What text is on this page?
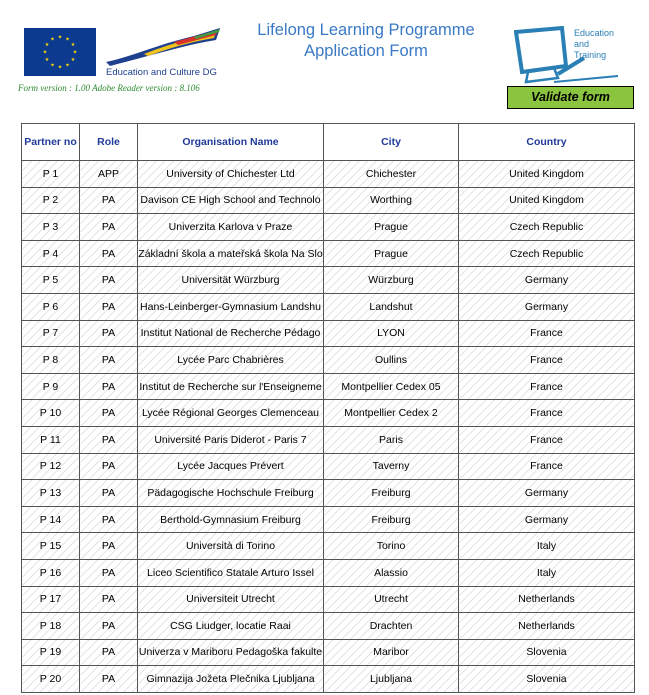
★ ★
★
★
★
★
★
★
★
★
★
★
Education and Culture DG
Form version : 1.00 Adobe Reader version : 8.106
Lifelong Learning Programme
Application Form
Education
and
Training
Validate form
Partner no	Role	Organisation Name	City	Country
P 1	APP	University of Chichester Ltd	Chichester	United Kingdom
P 2	PA	Davison CE High School and Technolo	Worthing	United Kingdom
P 3	PA	Univerzita Karlova v Praze	Prague	Czech Republic
P 4	PA	Základní škola a mateřská škola Na Slo	Prague	Czech Republic
P 5	PA	Universität Würzburg	Würzburg	Germany
P 6	PA	Hans-Leinberger-Gymnasium Landshu	Landshut	Germany
P 7	PA	Institut National de Recherche Pédago	LYON	France
P 8	PA	Lycée Parc Chabrières	Oullins	France
P 9	PA	Institut de Recherche sur l'Enseigneme	Montpellier Cedex 05	France
P 10	PA	Lycée Régional Georges Clemenceau	Montpellier Cedex 2	France
P 11	PA	Université Paris Diderot - Paris 7	Paris	France
P 12	PA	Lycée Jacques Prévert	Taverny	France
P 13	PA	Pädagogische Hochschule Freiburg	Freiburg	Germany
P 14	PA	Berthold-Gymnasium Freiburg	Freiburg	Germany
P 15	PA	Università di Torino	Torino	Italy
P 16	PA	Liceo Scientifico Statale Arturo Issel	Alassio	Italy
P 17	PA	Universiteit Utrecht	Utrecht	Netherlands
P 18	PA	CSG Liudger, locatie Raai	Drachten	Netherlands
P 19	PA	Univerza v Mariboru Pedagoška fakulte	Maribor	Slovenia
P 20	PA	Gimnazija Jožeta Plečnika Ljubljana	Ljubljana	Slovenia
